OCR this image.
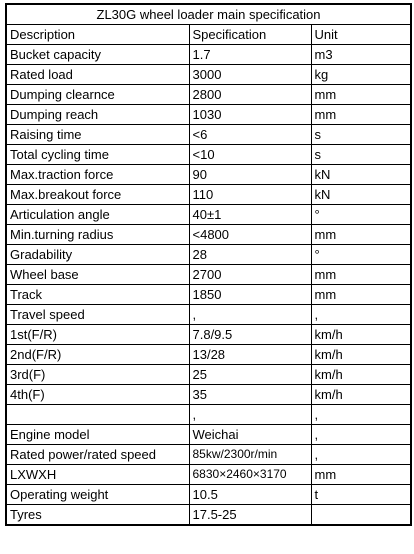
ZL30G wheel loader main specification		
Description	Specification	Unit
Bucket capacity	1.7	m3
Rated load	3000	kg
Dumping clearnce	2800	mm
Dumping reach	1030	mm
Raising time	<6	s
Total cycling time	<10	s
Max.traction force	90	kN
Max.breakout force	110	kN
Articulation angle	40±1	°
Min.turning radius	<4800	mm
Gradability	28	°
Wheel base	2700	mm
Track	1850	mm
Travel speed	,	,
1st(F/R)	7.8/9.5	km/h
2nd(F/R)	13/28	km/h
3rd(F)	25	km/h
4th(F)	35	km/h
	,	,
Engine model	Weichai	,
Rated power/rated speed	85kw/2300r/min	,
LXWXH	6830×2460×3170	mm
Operating weight	10.5	t
Tyres	17.5-25	
